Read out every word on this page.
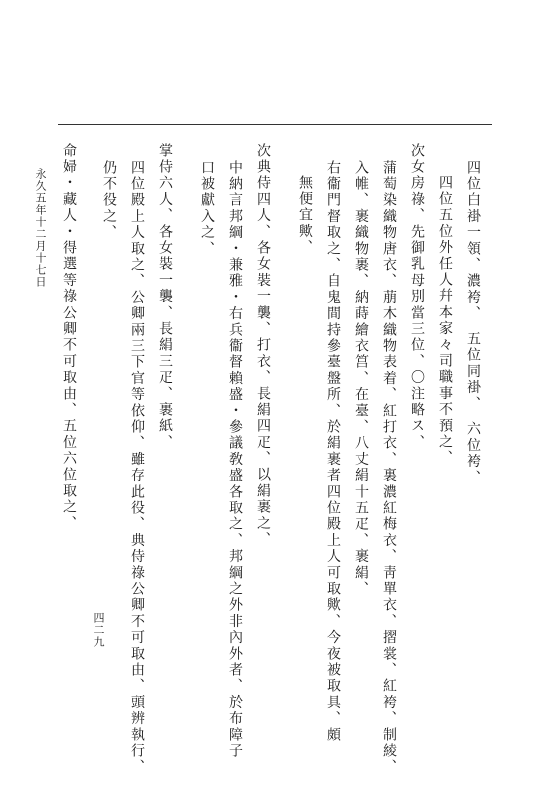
四位白褂一領、濃袴、　五位同褂、　六位袴、
四位五位外任人幷本家々司職事不預之、
次女房祿、先御乳母別當三位、〇注略ス、
蒲萄染織物唐衣、萠木織物表着、紅打衣、裏濃紅梅衣、靑單衣、摺裳、紅袴、制綾、
入帷、裹織物裹、納蒔繪衣筥、在臺、八丈絹十五疋、裹絹、
右衞門督取之、自鬼間持參臺盤所、於絹裹者四位殿上人可取歟、今夜被取具、頗
無便宜歟、
次典侍四人、各女裝一襲、打衣、長絹四疋、以絹裹之、
中納言邦綱・兼雅・右兵衞督賴盛・參議敎盛各取之、邦綱之外非內外者、於布障子
口被獻入之、
掌侍六人、各女裝一襲、長絹三疋、裹紙、
四位殿上人取之、公卿兩三下官等依仰、雖存此役、典侍祿公卿不可取由、頭辨執行、
仍不役之、
命婦・藏人・得選等祿公卿不可取由、五位六位取之、
永久五年十二月十七日
四二九
